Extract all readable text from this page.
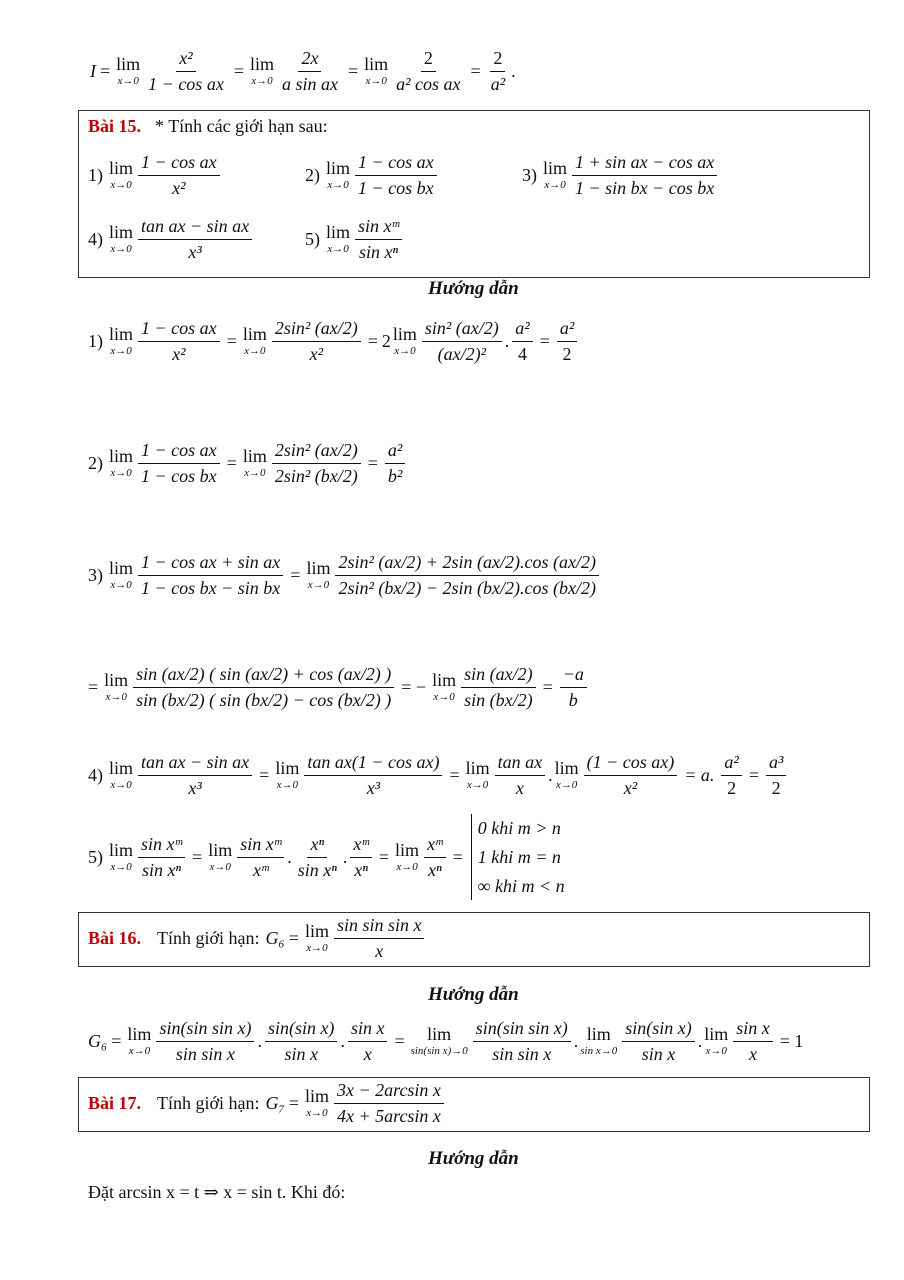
I = lim
$x\to 0 \frac{\text{x²}}{\text{1 − cos ax}} = \lim$
$x\to 0 \frac{2x}{\text{a sin ax}} = \lim$
$x\to 0 \frac{2}{\text{a² cos ax}} = \frac{2}{\text{a²}}$ .
Bài 15. * Tính các giới hạn sau:
1) lim
$x\to 0 \frac{\text{1 − cos ax}}{\text{x²}}$	2) lim
$x\to 0 \frac{\text{1 − cos ax}}{\text{1 − cos bx}}$	3) lim
$x\to 0 \frac{\text{1 + sin ax − cos ax}}{\text{1 − sin bx − cos bx}}$
4) lim
$x\to 0 \frac{\text{tan ax − sin ax}}{\text{x³}}$	5) lim
$x\to 0 \frac{\text{sin xᵐ}}{\text{sin xⁿ}}$
Hướng dẫn
1) lim
$x\to 0 \frac{\text{1 − cos ax}}{\text{x²}} = \lim$
$x\to 0 \frac{\text{2sin² (ax/2)}}{\text{x²}} = 2$ lim
$x\to 0 \frac{\text{sin² (ax/2)}}{\text{(ax/2)²}}$ . $\frac{\text{a²}}{4} = \frac{\text{a²}}{2}$
2) lim
$x\to 0 \frac{\text{1 − cos ax}}{\text{1 − cos bx}} = \lim$
$x\to 0 \frac{\text{2sin² (ax/2)}}{\text{2sin² (bx/2)}} = \frac{\text{a²}}{\text{b²}}$
3) lim
$x\to 0 \frac{\text{1 − cos ax + sin ax}}{\text{1 − cos bx − sin bx}} = \lim$
$x\to 0 \frac{\text{2sin² (ax/2) + 2sin (ax/2).cos (ax/2)}}{\text{2sin² (bx/2) − 2sin (bx/2).cos (bx/2)}}$
= lim
$x\to 0 \frac{\sin (ax/2) ( \sin (ax/2) + \cos (ax/2) )}{\sin (bx/2) ( \sin (bx/2) - \cos (bx/2) )}$ = − lim
$x\to 0 \frac{\sin (ax/2)}{\sin (bx/2)} = \frac{-a}{b}$
4) lim
$x\to 0 \frac{\text{tan ax − sin ax}}{\text{x³}} = \lim$
$x\to 0 \frac{\text{tan ax(1 − cos ax)}}{\text{x³}} = \lim$
$x\to 0 \frac{\text{tan ax}}{x}$ . lim
$x\to 0 \frac{\text{(1 − cos ax)}}{\text{x²}} = a$. $\frac{\text{a²}}{2} = \frac{\text{a³}}{2}$
5) lim
$x\to 0 \frac{\text{sin xᵐ}}{\text{sin xⁿ}} = \lim$
$x\to 0 \frac{\text{sin xᵐ}}{\text{xᵐ}}$ . $\frac{\text{xⁿ}}{\text{sin xⁿ}}$ . $\frac{\text{xᵐ}}{\text{xⁿ}} = \lim$
$x\to 0 \frac{\text{xᵐ}}{\text{xⁿ}}$ =
0 khi m > n
1 khi m = n
∞ khi m < n
Bài 16. Tính giới hạn: G₆ = lim
$x\to 0 \frac{\text{sin sin sin x}}{x}$
Hướng dẫn
G₆ = lim
$x\to 0 \frac{\text{sin(sin sin x)}}{\text{sin sin x}}$ . $\frac{\text{sin(sin x)}}{\text{sin x}}$ . $\frac{\text{sin x}}{x} = \lim$
sin(sin $x)\to 0 \frac{\text{sin(sin sin x)}}{\text{sin sin x}}$ . lim
$\sin x\to 0 \frac{\text{sin(sin x)}}{\text{sin x}}$ . lim
$x\to 0 \frac{\text{sin x}}{x} = 1$
Bài 17. Tính giới hạn: G₇ = lim
$x\to 0 \frac{\text{3x − 2arcsin x}}{\text{4x + 5arcsin x}}$
Hướng dẫn
Đặt arcsin x = t ⇒ x = sin t. Khi đó:
